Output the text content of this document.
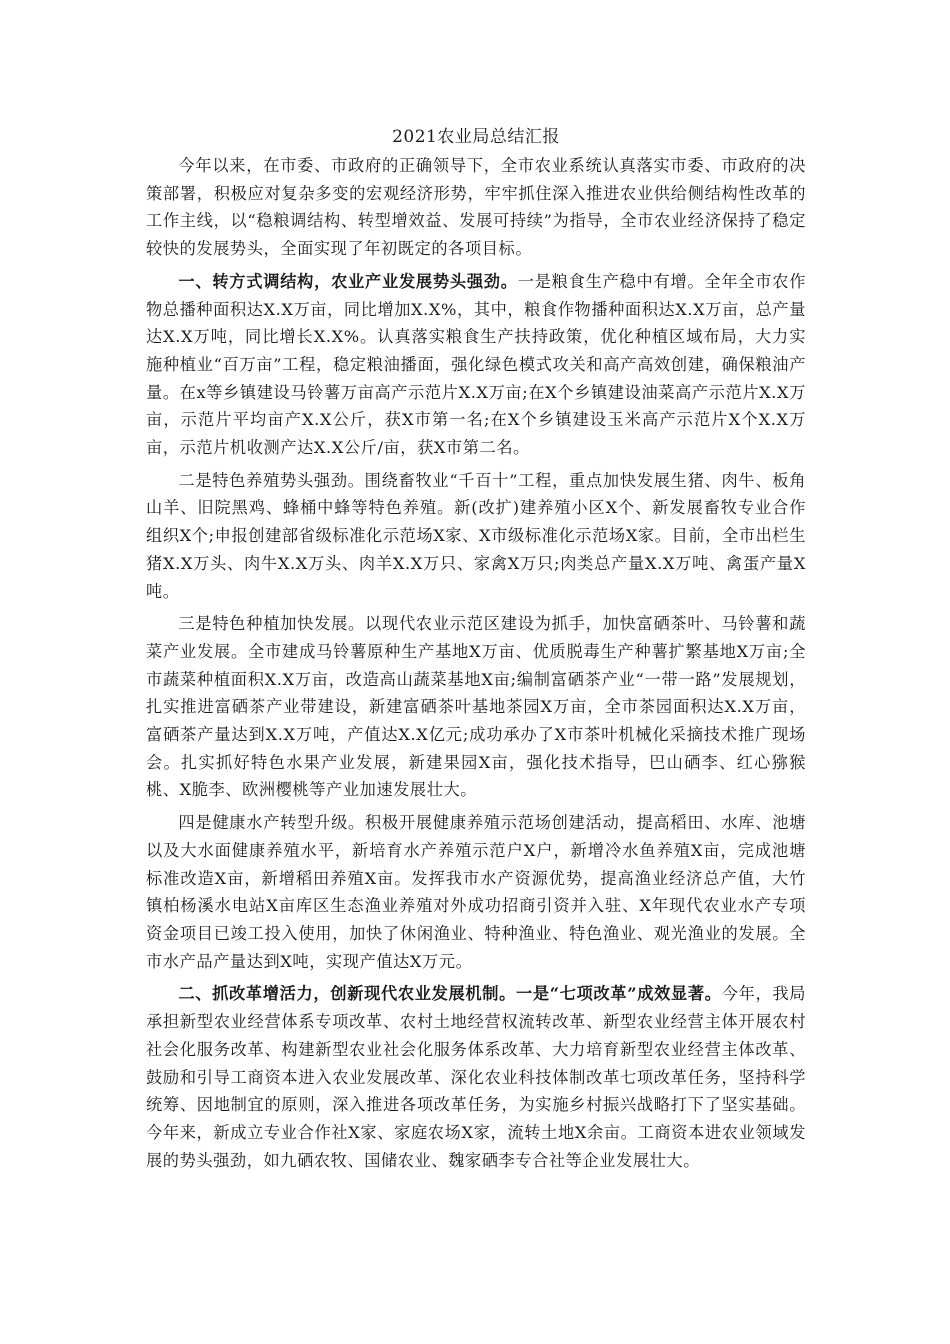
2021农业局总结汇报

今年以来，在市委、市政府的正确领导下，全市农业系统认真落实市委、市政府的决策部署，积极应对复杂多变的宏观经济形势，牢牢抓住深入推进农业供给侧结构性改革的工作主线，以“稳粮调结构、转型增效益、发展可持续”为指导，全市农业经济保持了稳定较快的发展势头，全面实现了年初既定的各项目标。

一、转方式调结构，农业产业发展势头强劲。一是粮食生产稳中有增。全年全市农作物总播种面积达X.X万亩，同比增加X.X%，其中，粮食作物播种面积达X.X万亩，总产量达X.X万吨，同比增长X.X%。认真落实粮食生产扶持政策，优化种植区域布局，大力实施种植业“百万亩”工程，稳定粮油播面，强化绿色模式攻关和高产高效创建，确保粮油产量。在x等乡镇建设马铃薯万亩高产示范片X.X万亩;在X个乡镇建设油菜高产示范片X.X万亩，示范片平均亩产X.X公斤，获X市第一名;在X个乡镇建设玉米高产示范片X个X.X万亩，示范片机收测产达X.X公斤/亩，获X市第二名。

二是特色养殖势头强劲。围绕畜牧业“千百十”工程，重点加快发展生猪、肉牛、板角山羊、旧院黑鸡、蜂桶中蜂等特色养殖。新(改扩)建养殖小区X个、新发展畜牧专业合作组织X个;申报创建部省级标准化示范场X家、X市级标准化示范场X家。目前，全市出栏生猪X.X万头、肉牛X.X万头、肉羊X.X万只、家禽X万只;肉类总产量X.X万吨、禽蛋产量X吨。

三是特色种植加快发展。以现代农业示范区建设为抓手，加快富硒茶叶、马铃薯和蔬菜产业发展。全市建成马铃薯原种生产基地X万亩、优质脱毒生产种薯扩繁基地X万亩;全市蔬菜种植面积X.X万亩，改造高山蔬菜基地X亩;编制富硒茶产业“一带一路”发展规划，扎实推进富硒茶产业带建设，新建富硒茶叶基地茶园X万亩，全市茶园面积达X.X万亩，富硒茶产量达到X.X万吨，产值达X.X亿元;成功承办了X市茶叶机械化采摘技术推广现场会。扎实抓好特色水果产业发展，新建果园X亩，强化技术指导，巴山硒李、红心猕猴桃、X脆李、欧洲樱桃等产业加速发展壮大。

四是健康水产转型升级。积极开展健康养殖示范场创建活动，提高稻田、水库、池塘以及大水面健康养殖水平，新培育水产养殖示范户X户，新增冷水鱼养殖X亩，完成池塘标准改造X亩，新增稻田养殖X亩。发挥我市水产资源优势，提高渔业经济总产值，大竹镇柏杨溪水电站X亩库区生态渔业养殖对外成功招商引资并入驻、X年现代农业水产专项资金项目已竣工投入使用，加快了休闲渔业、特种渔业、特色渔业、观光渔业的发展。全市水产品产量达到X吨，实现产值达X万元。

二、抓改革增活力，创新现代农业发展机制。一是“七项改革”成效显著。今年，我局承担新型农业经营体系专项改革、农村土地经营权流转改革、新型农业经营主体开展农村社会化服务改革、构建新型农业社会化服务体系改革、大力培育新型农业经营主体改革、鼓励和引导工商资本进入农业发展改革、深化农业科技体制改革七项改革任务，坚持科学统筹、因地制宜的原则，深入推进各项改革任务，为实施乡村振兴战略打下了坚实基础。今年来，新成立专业合作社X家、家庭农场X家，流转土地X余亩。工商资本进农业领域发展的势头强劲，如九硒农牧、国储农业、魏家硒李专合社等企业发展壮大。
